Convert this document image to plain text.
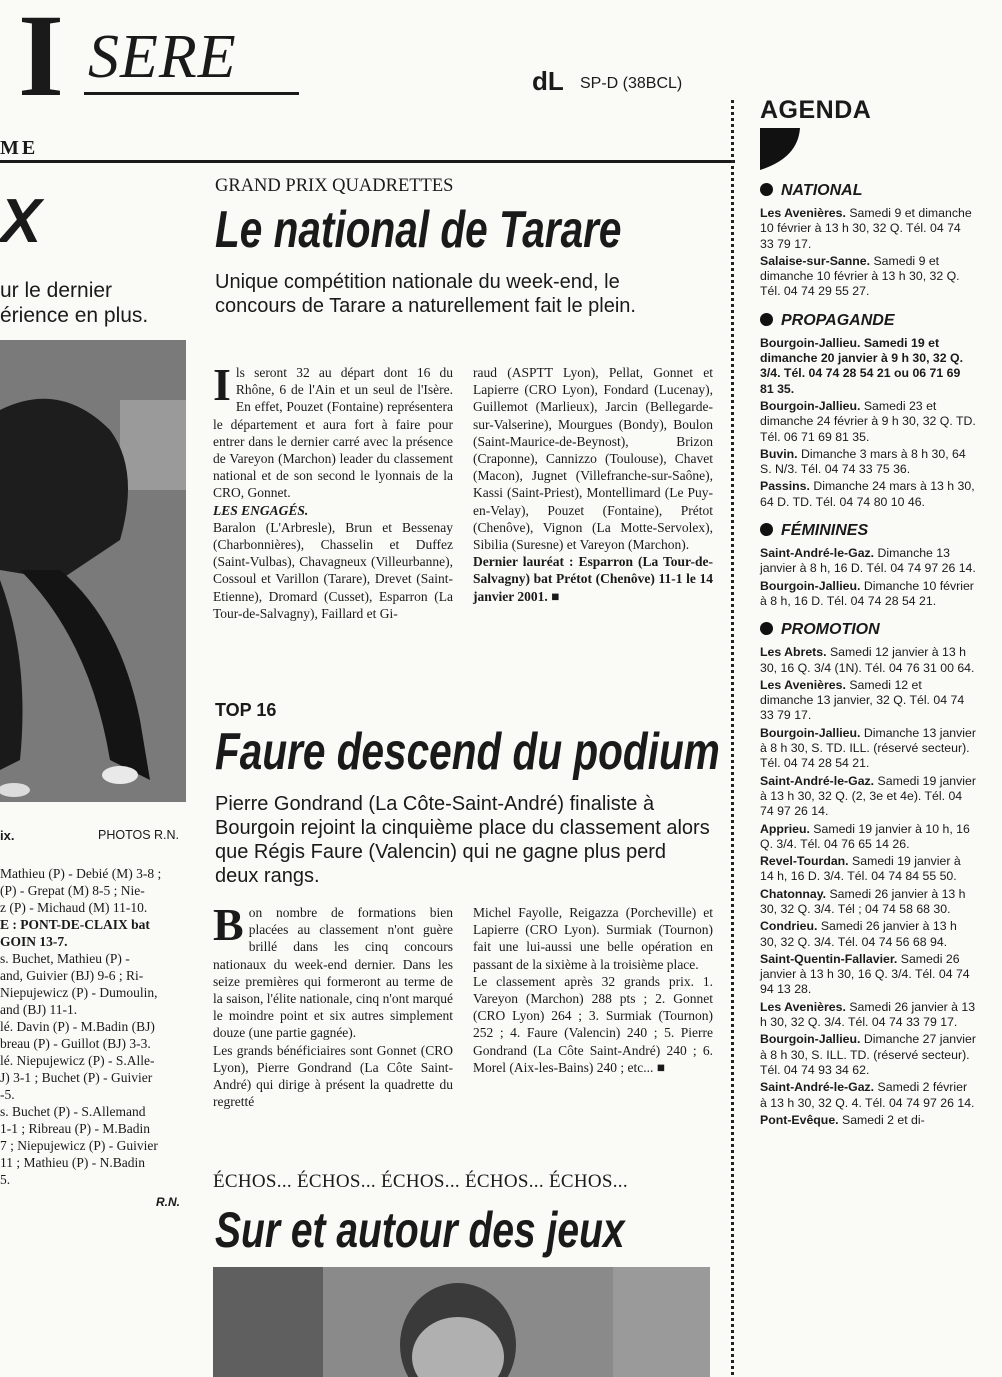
I SERE	dL SP-D (38BCL)
ME
X
ur le dernier
érience en plus.
ix.	PHOTOS R.N.
Mathieu (P) - Debié (M) 3-8 ;
(P) - Grepat (M) 8-5 ; Nie-
z (P) - Michaud (M) 11-10.
E : PONT-DE-CLAIX bat
GOIN 13-7.
s. Buchet, Mathieu (P) -
and, Guivier (BJ) 9-6 ; Ri-
Niepujewicz (P) - Dumoulin,
and (BJ) 11-1.
lé. Davin (P) - M.Badin (BJ)
breau (P) - Guillot (BJ) 3-3.
lé. Niepujewicz (P) - S.Alle-
J) 3-1 ; Buchet (P) - Guivier
-5.
s. Buchet (P) - S.Allemand
1-1 ; Ribreau (P) - M.Badin
7 ; Niepujewicz (P) - Guivier
11 ; Mathieu (P) - N.Badin
5.
R.N.
GRAND PRIX QUADRETTES
Le national de Tarare
Unique compétition nationale du week-end, le concours de Tarare a naturellement fait le plein.
I ls seront 32 au départ dont 16 du Rhône, 6 de l'Ain et un seul de l'Isère. En effet, Pouzet (Fontaine) représentera le département et aura fort à faire pour entrer dans le dernier carré avec la présence de Vareyon (Marchon) leader du classement national et de son second le lyonnais de la CRO, Gonnet.

LES ENGAGÉS.

Baralon (L'Arbresle), Brun et Bessenay (Charbonnières), Chasselin et Duffez (Saint-Vulbas), Chavagneux (Villeurbanne), Cossoul et Varillon (Tarare), Drevet (Saint-Etienne), Dromard (Cusset), Esparron (La Tour-de-Salvagny), Faillard et Gi-

raud (ASPTT Lyon), Pellat, Gonnet et Lapierre (CRO Lyon), Fondard (Lucenay), Guillemot (Marlieux), Jarcin (Bellegarde-sur-Valserine), Mourgues (Bondy), Boulon (Saint-Maurice-de-Beynost), Brizon (Craponne), Cannizzo (Toulouse), Chavet (Macon), Jugnet (Villefranche-sur-Saône), Kassi (Saint-Priest), Montellimard (Le Puy-en-Velay), Pouzet (Fontaine), Prétot (Chenôve), Vignon (La Motte-Servolex), Sibilia (Suresne) et Vareyon (Marchon).

Dernier lauréat : Esparron (La Tour-de-Salvagny) bat Prétot (Chenôve) 11-1 le 14 janvier 2001. ■

TOP 16
Faure descend du podium
Pierre Gondrand (La Côte-Saint-André) finaliste à Bourgoin rejoint la cinquième place du classement alors que Régis Faure (Valencin) qui ne gagne plus perd deux rangs.
B on nombre de formations bien placées au classement n'ont guère brillé dans les cinq concours nationaux du week-end dernier. Dans les seize premières qui formeront au terme de la saison, l'élite nationale, cinq n'ont marqué le moindre point et six autres simplement douze (une partie gagnée).

Les grands bénéficiaires sont Gonnet (CRO Lyon), Pierre Gondrand (La Côte Saint-André) qui dirige à présent la quadrette du regretté

Michel Fayolle, Reigazza (Porcheville) et Lapierre (CRO Lyon). Surmiak (Tournon) fait une lui-aussi une belle opération en passant de la sixième à la troisième place.

Le classement après 32 grands prix. 1. Vareyon (Marchon) 288 pts ; 2. Gonnet (CRO Lyon) 264 ; 3. Surmiak (Tournon) 252 ; 4. Faure (Valencin) 240 ; 5. Pierre Gondrand (La Côte Saint-André) 240 ; 6. Morel (Aix-les-Bains) 240 ; etc... ■

ÉCHOS... ÉCHOS... ÉCHOS... ÉCHOS... ÉCHOS...
Sur et autour des jeux
AGENDA
NATIONAL
Les Avenières. Samedi 9 et dimanche 10 février à 13 h 30, 32 Q. Tél. 04 74 33 79 17.
Salaise-sur-Sanne. Samedi 9 et dimanche 10 février à 13 h 30, 32 Q. Tél. 04 74 29 55 27.
PROPAGANDE
Bourgoin-Jallieu. Samedi 19 et dimanche 20 janvier à 9 h 30, 32 Q. 3/4. Tél. 04 74 28 54 21 ou 06 71 69 81 35.
Bourgoin-Jallieu. Samedi 23 et dimanche 24 février à 9 h 30, 32 Q. TD. Tél. 06 71 69 81 35.
Buvin. Dimanche 3 mars à 8 h 30, 64 S. N/3. Tél. 04 74 33 75 36.
Passins. Dimanche 24 mars à 13 h 30, 64 D. TD. Tél. 04 74 80 10 46.
FÉMININES
Saint-André-le-Gaz. Dimanche 13 janvier à 8 h, 16 D. Tél. 04 74 97 26 14.
Bourgoin-Jallieu. Dimanche 10 février à 8 h, 16 D. Tél. 04 74 28 54 21.
PROMOTION
Les Abrets. Samedi 12 janvier à 13 h 30, 16 Q. 3/4 (1N). Tél. 04 76 31 00 64.
Les Avenières. Samedi 12 et dimanche 13 janvier, 32 Q. Tél. 04 74 33 79 17.
Bourgoin-Jallieu. Dimanche 13 janvier à 8 h 30, S. TD. ILL. (réservé secteur). Tél. 04 74 28 54 21.
Saint-André-le-Gaz. Samedi 19 janvier à 13 h 30, 32 Q. (2, 3e et 4e). Tél. 04 74 97 26 14.
Apprieu. Samedi 19 janvier à 10 h, 16 Q. 3/4. Tél. 04 76 65 14 26.
Revel-Tourdan. Samedi 19 janvier à 14 h, 16 D. 3/4. Tél. 04 74 84 55 50.
Chatonnay. Samedi 26 janvier à 13 h 30, 32 Q. 3/4. Tél ; 04 74 58 68 30.
Condrieu. Samedi 26 janvier à 13 h 30, 32 Q. 3/4. Tél. 04 74 56 68 94.
Saint-Quentin-Fallavier. Samedi 26 janvier à 13 h 30, 16 Q. 3/4. Tél. 04 74 94 13 28.
Les Avenières. Samedi 26 janvier à 13 h 30, 32 Q. 3/4. Tél. 04 74 33 79 17.
Bourgoin-Jallieu. Dimanche 27 janvier à 8 h 30, S. ILL. TD. (réservé secteur). Tél. 04 74 93 34 62.
Saint-André-le-Gaz. Samedi 2 février à 13 h 30, 32 Q. 4. Tél. 04 74 97 26 14.
Pont-Evêque. Samedi 2 et di-
